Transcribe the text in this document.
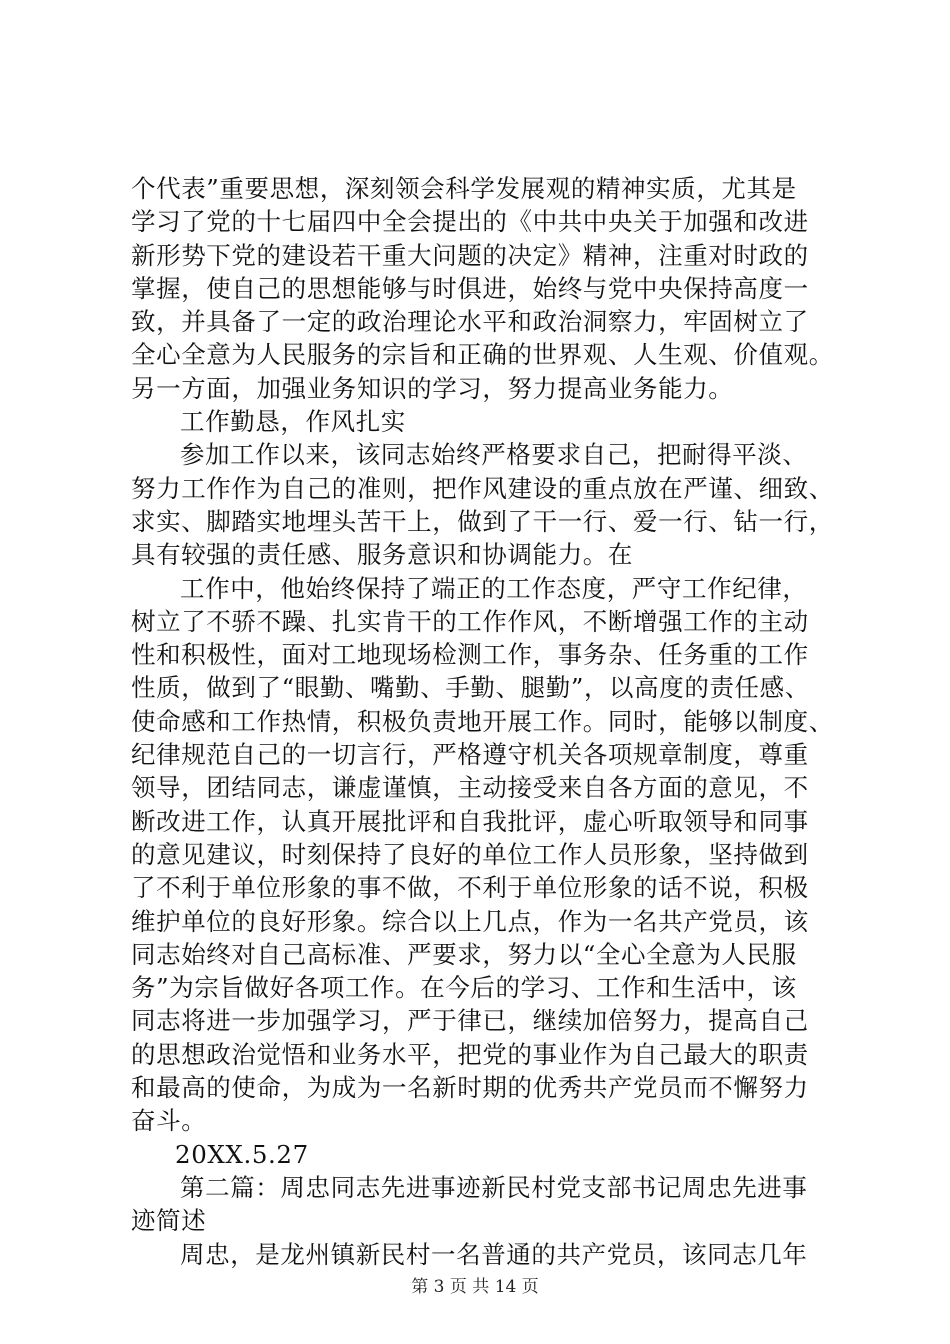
个代表”重要思想，深刻领会科学发展观的精神实质，尤其是
学习了党的十七届四中全会提出的《中共中央关于加强和改进
新形势下党的建设若干重大问题的决定》精神，注重对时政的
掌握，使自己的思想能够与时俱进，始终与党中央保持高度一
致，并具备了一定的政治理论水平和政治洞察力，牢固树立了
全心全意为人民服务的宗旨和正确的世界观、人生观、价值观。
另一方面，加强业务知识的学习，努力提高业务能力。
工作勤恳，作风扎实
参加工作以来，该同志始终严格要求自己，把耐得平淡、
努力工作作为自己的准则，把作风建设的重点放在严谨、细致、
求实、脚踏实地埋头苦干上，做到了干一行、爱一行、钻一行，
具有较强的责任感、服务意识和协调能力。在
工作中，他始终保持了端正的工作态度，严守工作纪律，
树立了不骄不躁、扎实肯干的工作作风，不断增强工作的主动
性和积极性，面对工地现场检测工作，事务杂、任务重的工作
性质，做到了“眼勤、嘴勤、手勤、腿勤”，以高度的责任感、
使命感和工作热情，积极负责地开展工作。同时，能够以制度、
纪律规范自己的一切言行，严格遵守机关各项规章制度，尊重
领导，团结同志，谦虚谨慎，主动接受来自各方面的意见，不
断改进工作，认真开展批评和自我批评，虚心听取领导和同事
的意见建议，时刻保持了良好的单位工作人员形象，坚持做到
了不利于单位形象的事不做，不利于单位形象的话不说，积极
维护单位的良好形象。综合以上几点，作为一名共产党员，该
同志始终对自己高标准、严要求，努力以“全心全意为人民服
务”为宗旨做好各项工作。在今后的学习、工作和生活中，该
同志将进一步加强学习，严于律已，继续加倍努力，提高自己
的思想政治觉悟和业务水平，把党的事业作为自己最大的职责
和最高的使命，为成为一名新时期的优秀共产党员而不懈努力
奋斗。
20XX.5.27
第二篇：周忠同志先进事迹新民村党支部书记周忠先进事
迹简述
周忠，是龙州镇新民村一名普通的共产党员，该同志几年
第 3 页 共 14 页
